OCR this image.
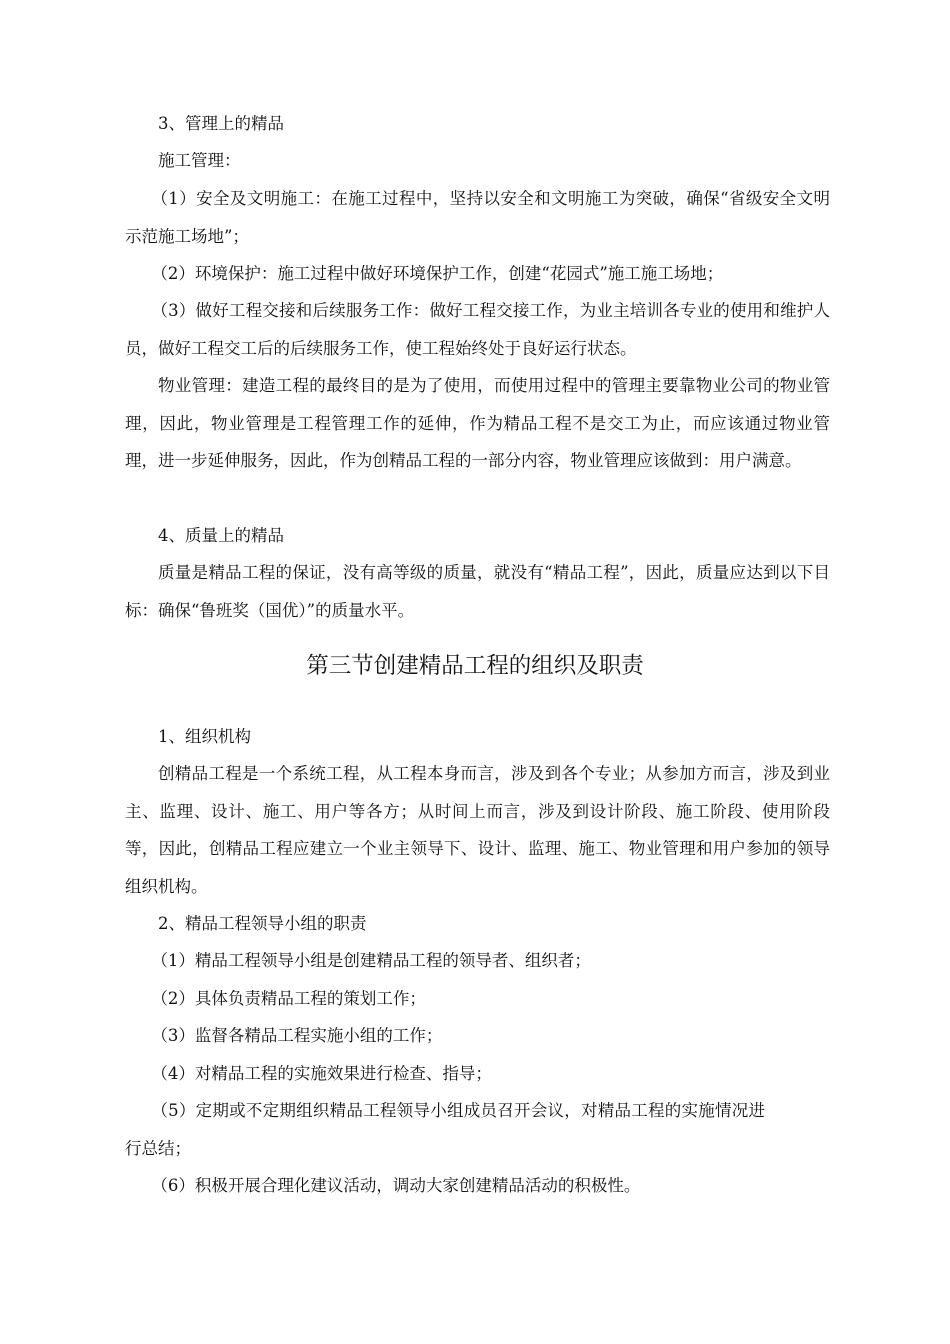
3、管理上的精品

施工管理：

（1）安全及文明施工：在施工过程中，坚持以安全和文明施工为突破，确保“省级安全文明示范施工场地”；

（2）环境保护：施工过程中做好环境保护工作，创建“花园式”施工施工场地；

（3）做好工程交接和后续服务工作：做好工程交接工作，为业主培训各专业的使用和维护人员，做好工程交工后的后续服务工作，使工程始终处于良好运行状态。

物业管理：建造工程的最终目的是为了使用，而使用过程中的管理主要靠物业公司的物业管理，因此，物业管理是工程管理工作的延伸，作为精品工程不是交工为止，而应该通过物业管理，进一步延伸服务，因此，作为创精品工程的一部分内容，物业管理应该做到：用户满意。

4、质量上的精品

质量是精品工程的保证，没有高等级的质量，就没有“精品工程”，因此，质量应达到以下目标：确保“鲁班奖（国优）”的质量水平。

第三节创建精品工程的组织及职责

1、组织机构

创精品工程是一个系统工程，从工程本身而言，涉及到各个专业；从参加方而言，涉及到业主、监理、设计、施工、用户等各方；从时间上而言，涉及到设计阶段、施工阶段、使用阶段等，因此，创精品工程应建立一个业主领导下、设计、监理、施工、物业管理和用户参加的领导组织机构。

2、精品工程领导小组的职责

（1）精品工程领导小组是创建精品工程的领导者、组织者；

（2）具体负责精品工程的策划工作；

（3）监督各精品工程实施小组的工作；

（4）对精品工程的实施效果进行检查、指导；

（5）定期或不定期组织精品工程领导小组成员召开会议，对精品工程的实施情况进行总结；

（6）积极开展合理化建议活动，调动大家创建精品活动的积极性。
